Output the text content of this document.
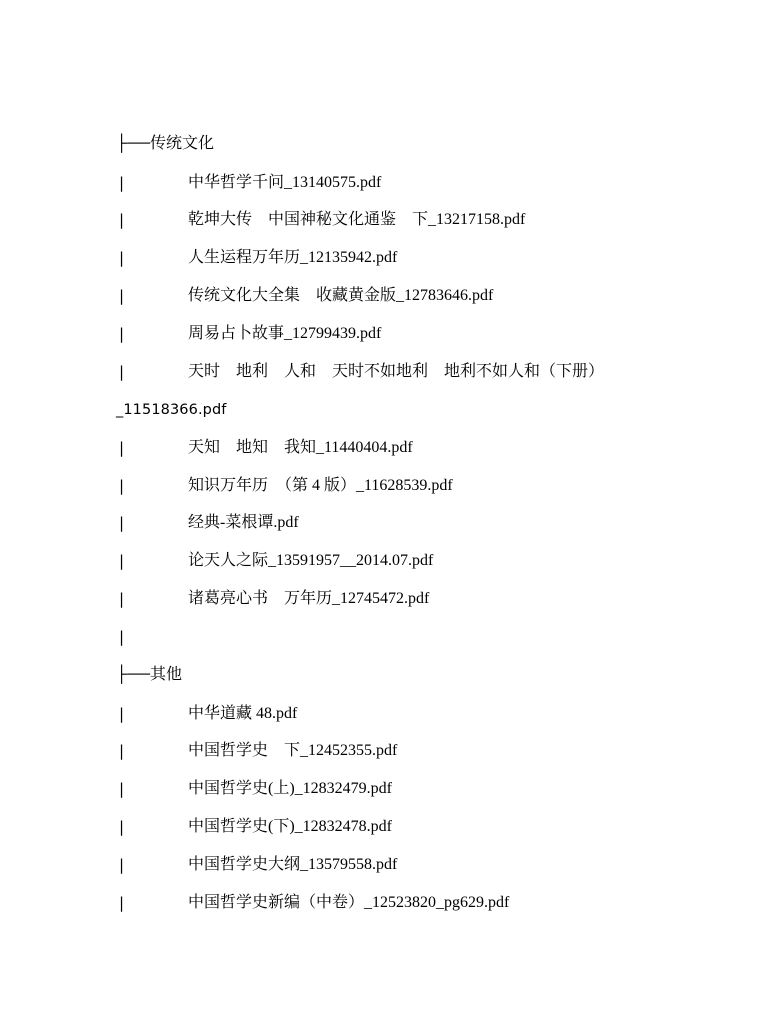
├──传统文化
|	中华哲学千问_13140575.pdf
|	乾坤大传　中国神秘文化通鉴　下_13217158.pdf
|	人生运程万年历_12135942.pdf
|	传统文化大全集　收藏黄金版_12783646.pdf
|	周易占卜故事_12799439.pdf
|	天时　地利　人和　天时不如地利　地利不如人和（下册）
_11518366.pdf
|	天知　地知　我知_11440404.pdf
|	知识万年历　（第 4 版）_11628539.pdf
|	经典-菜根谭.pdf
|	论天人之际_13591957__2014.07.pdf
|	诸葛亮心书　万年历_12745472.pdf
|
├──其他
|	中华道藏 48.pdf
|	中国哲学史　下_12452355.pdf
|	中国哲学史(上)_12832479.pdf
|	中国哲学史(下)_12832478.pdf
|	中国哲学史大纲_13579558.pdf
|	中国哲学史新编（中卷）_12523820_pg629.pdf
